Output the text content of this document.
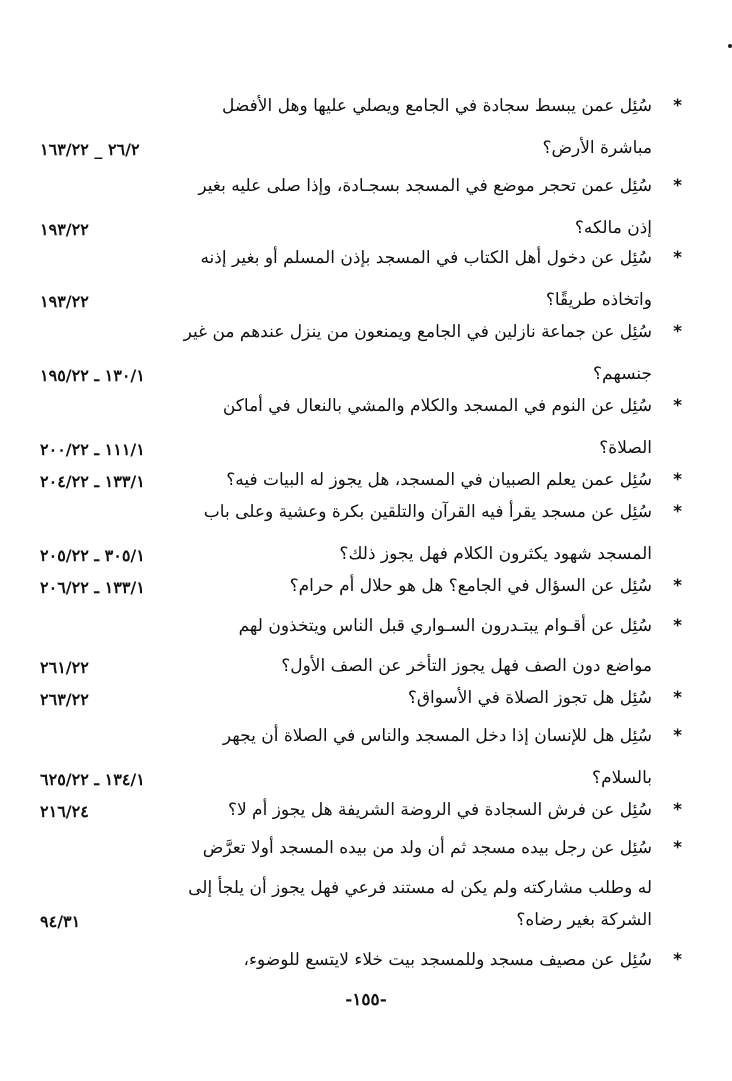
*
سُئِل عمن يبسط سجادة في الجامع ويصلي عليها وهل الأفضل
مباشرة الأرض؟
٢٦/٢ _ ١٦٣/٢٢
*
سُئِل عمن تحجر موضع في المسجد بسجـادة، وإذا صلى عليه بغير
إذن مالكه؟
١٩٣/٢٢
*
سُئِل عن دخول أهل الكتاب في المسجد بإذن المسلم أو بغير إذنه
واتخاذه طريقًا؟
١٩٣/٢٢
*
سُئِل عن جماعة نازلين في الجامع ويمنعون من ينزل عندهم من غير
جنسهم؟
١٣٠/١ ـ ١٩٥/٢٢
*
سُئِل عن النوم في المسجد والكلام والمشي بالنعال في أماكن
الصلاة؟
١١١/١ ـ ٢٠٠/٢٢
*
سُئِل عمن يعلم الصبيان في المسجد، هل يجوز له البيات فيه؟
١٣٣/١ ـ ٢٠٤/٢٢
*
سُئِل عن مسجد يقرأ فيه القرآن والتلقين بكرة وعشية وعلى باب
المسجد شهود يكثرون الكلام فهل يجوز ذلك؟
٣٠٥/١ ـ ٢٠٥/٢٢
*
سُئِل عن السؤال في الجامع؟ هل هو حلال أم حرام؟
١٣٣/١ ـ ٢٠٦/٢٢
*
سُئِل عن أقـوام يبتـدرون السـواري قبل الناس ويتخذون لهم
مواضع دون الصف فهل يجوز التأخر عن الصف الأول؟
٢٦١/٢٢
*
سُئِل هل تجوز الصلاة في الأسواق؟
٢٦٣/٢٢
*
سُئِل هل للإنسان إذا دخل المسجد والناس في الصلاة أن يجهر
بالسلام؟
١٣٤/١ ـ ٦٢٥/٢٢
*
سُئِل عن فرش السجادة في الروضة الشريفة هل يجوز أم لا؟
٢١٦/٢٤
*
سُئِل عن رجل بيده مسجد ثم أن ولد من بيده المسجد أولا تعرَّض
له وطلب مشاركته ولم يكن له مستند فرعي فهل يجوز أن يلجأ إلى
الشركة بغير رضاه؟
٩٤/٣١
*
سُئِل عن مصيف مسجد وللمسجد بيت خلاء لايتسع للوضوء،
-١٥٥-
